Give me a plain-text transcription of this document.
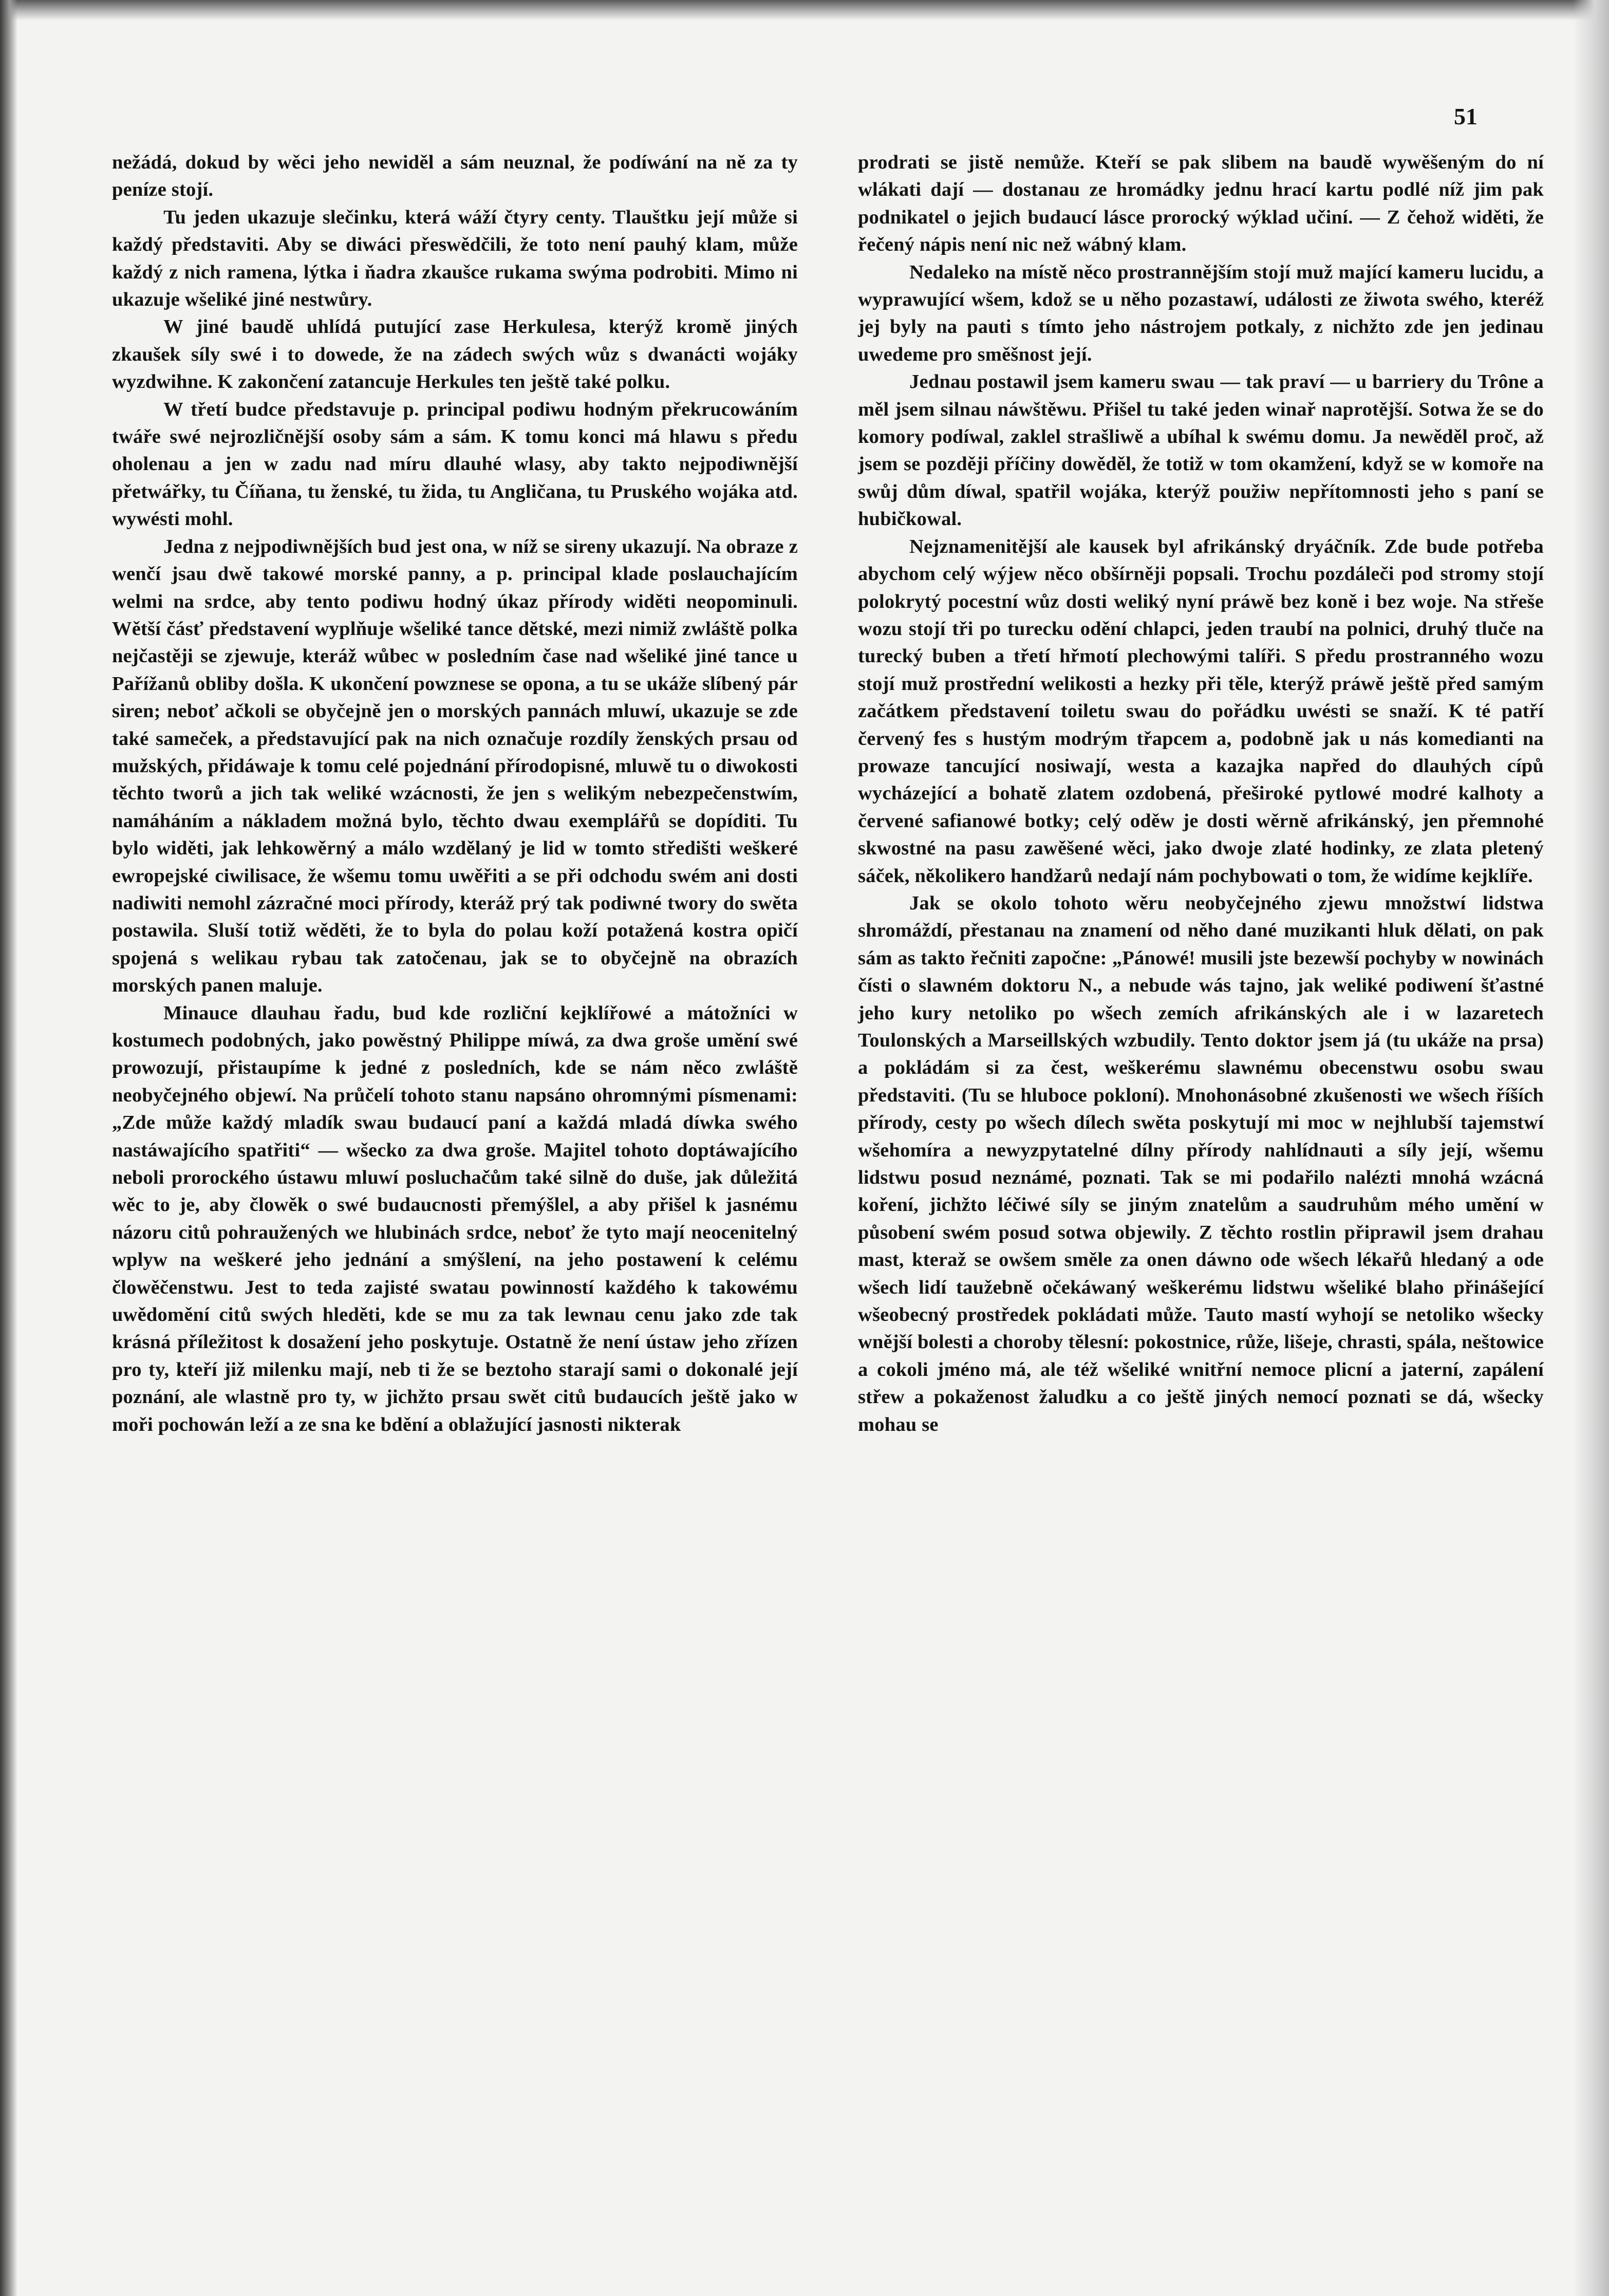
51

nežádá, dokud by wěci jeho newiděl a sám neuznal, že podíwání na ně za ty peníze stojí.

Tu jeden ukazuje slečinku, která wáží čtyry centy. Tlauštku její může si každý představiti. Aby se diwáci přeswědčili, že toto není pauhý klam, může každý z nich ramena, lýtka i ňadra zkaušce rukama swýma podrobiti. Mimo ni ukazuje wšeliké jiné nestwůry.

W jiné baudě uhlídá putující zase Herkulesa, kterýž kromě jiných zkaušek síly swé i to dowede, že na zádech swých wůz s dwanácti wojáky wyzdwihne. K zakončení zatancuje Herkules ten ještě také polku.

W třetí budce představuje p. principal podiwu hodným překrucowáním twáře swé nejrozličnější osoby sám a sám. K tomu konci má hlawu s předu oholenau a jen w zadu nad míru dlauhé wlasy, aby takto nejpodiwnější přetwářky, tu Číňana, tu ženské, tu žida, tu Angličana, tu Pruského wojáka atd. wywésti mohl.

Jedna z nejpodiwnějších bud jest ona, w níž se sireny ukazují. Na obraze z wenčí jsau dwě takowé morské panny, a p. principal klade poslauchajícím welmi na srdce, aby tento podiwu hodný úkaz přírody widěti neopominuli. Wětší čásť představení wyplňuje wšeliké tance dětské, mezi nimiž zwláště polka nejčastěji se zjewuje, kteráž wůbec w posledním čase nad wšeliké jiné tance u Pařížanů obliby došla. K ukončení powznese se opona, a tu se ukáže slíbený pár siren; neboť ačkoli se obyčejně jen o morských pannách mluwí, ukazuje se zde také sameček, a představující pak na nich označuje rozdíly ženských prsau od mužských, přidáwaje k tomu celé pojednání přírodopisné, mluwě tu o diwokosti těchto tworů a jich tak weliké wzácnosti, že jen s welikým nebezpečenstwím, namáháním a nákladem možná bylo, těchto dwau exemplářů se dopíditi. Tu bylo widěti, jak lehkowěrný a málo wzdělaný je lid w tomto středišti weškeré ewropejské ciwilisace, že wšemu tomu uwěřiti a se při odchodu swém ani dosti nadiwiti nemohl zázračné moci přírody, kteráž prý tak podiwné twory do swěta postawila. Sluší totiž wěděti, že to byla do polau koží potažená kostra opičí spojená s welikau rybau tak zatočenau, jak se to obyčejně na obrazích morských panen maluje.

Minauce dlauhau řadu, bud kde rozliční kejklířowé a mátožníci w kostumech podobných, jako powěstný Philippe míwá, za dwa groše umění swé prowozují, přistaupíme k jedné z posledních, kde se nám něco zwláště neobyčejného objewí. Na průčelí tohoto stanu napsáno ohromnými písmenami: „Zde může každý mladík swau budaucí paní a každá mladá díwka swého nastáwajícího spatřiti“ — wšecko za dwa groše. Majitel tohoto doptáwajícího neboli prorockého ústawu mluwí posluchačům také silně do duše, jak důležitá wěc to je, aby člowěk o swé budaucnosti přemýšlel, a aby přišel k jasnému názoru citů pohraužených we hlubinách srdce, neboť že tyto mají neocenitelný wplyw na weškeré jeho jednání a smýšlení, na jeho postawení k celému člowěčenstwu. Jest to teda zajisté swatau powinností každého k takowému uwědomění citů swých hleděti, kde se mu za tak lewnau cenu jako zde tak krásná příležitost k dosažení jeho poskytuje. Ostatně že není ústaw jeho zřízen pro ty, kteří již milenku mají, neb ti že se beztoho starají sami o dokonalé její poznání, ale wlastně pro ty, w jichžto prsau swět citů budaucích ještě jako w moři pochowán leží a ze sna ke bdění a oblažující jasnosti nikterak

prodrati se jistě nemůže. Kteří se pak slibem na baudě wywěšeným do ní wlákati dají — dostanau ze hromádky jednu hrací kartu podlé níž jim pak podnikatel o jejich budaucí lásce prorocký wýklad učiní. — Z čehož widěti, že řečený nápis není nic než wábný klam.

Nedaleko na místě něco prostrannějším stojí muž mající kameru lucidu, a wyprawující wšem, kdož se u něho pozastawí, události ze žiwota swého, kteréž jej byly na pauti s tímto jeho nástrojem potkaly, z nichžto zde jen jedinau uwedeme pro směšnost její.

Jednau postawil jsem kameru swau — tak praví — u barriery du Trône a měl jsem silnau náwštěwu. Přišel tu také jeden winař naprotější. Sotwa že se do komory podíwal, zaklel strašliwě a ubíhal k swému domu. Ja newěděl proč, až jsem se později příčiny dowěděl, že totiž w tom okamžení, když se w komoře na swůj dům díwal, spatřil wojáka, kterýž použiw nepřítomnosti jeho s paní se hubičkowal.

Nejznamenitější ale kausek byl afrikánský dryáčník. Zde bude potřeba abychom celý wýjew něco obšírněji popsali. Trochu pozdáleči pod stromy stojí polokrytý pocestní wůz dosti weliký nyní práwě bez koně i bez woje. Na střeše wozu stojí tři po turecku odění chlapci, jeden traubí na polnici, druhý tluče na turecký buben a třetí hřmotí plechowými talíři. S předu prostranného wozu stojí muž prostřední welikosti a hezky při těle, kterýž práwě ještě před samým začátkem představení toiletu swau do pořádku uwésti se snaží. K té patří červený fes s hustým modrým třapcem a, podobně jak u nás komedianti na prowaze tancující nosiwají, westa a kazajka napřed do dlauhých cípů wycházející a bohatě zlatem ozdobená, přeširoké pytlowé modré kalhoty a červené safianowé botky; celý oděw je dosti wěrně afrikánský, jen přemnohé skwostné na pasu zawěšené wěci, jako dwoje zlaté hodinky, ze zlata pletený sáček, několikero handžarů nedají nám pochybowati o tom, že widíme kejklíře.

Jak se okolo tohoto wěru neobyčejného zjewu množstwí lidstwa shromáždí, přestanau na znamení od něho dané muzikanti hluk dělati, on pak sám as takto řečniti započne: „Pánowé! musili jste bezewší pochyby w nowinách čísti o slawném doktoru N., a nebude wás tajno, jak weliké podiwení šťastné jeho kury netoliko po wšech zemích afrikánských ale i w lazaretech Toulonských a Marseillských wzbudily. Tento doktor jsem já (tu ukáže na prsa) a pokládám si za čest, weškerému slawnému obecenstwu osobu swau představiti. (Tu se hluboce pokloní). Mnohonásobné zkušenosti we wšech říších přírody, cesty po wšech dílech swěta poskytují mi moc w nejhlubší tajemstwí wšehomíra a newyzpytatelné dílny přírody nahlídnauti a síly její, wšemu lidstwu posud neznámé, poznati. Tak se mi podařilo nalézti mnohá wzácná koření, jichžto léčiwé síly se jiným znatelům a saudruhům mého umění w působení swém posud sotwa objewily. Z těchto rostlin připrawil jsem drahau mast, kteraž se owšem směle za onen dáwno ode wšech lékařů hledaný a ode wšech lidí taužebně očekáwaný weškerému lidstwu wšeliké blaho přinášející wšeobecný prostředek pokládati může. Tauto mastí wyhojí se netoliko wšecky wnější bolesti a choroby tělesní: pokostnice, růže, lišeje, chrasti, spála, neštowice a cokoli jméno má, ale též wšeliké wnitřní nemoce plicní a jaterní, zapálení střew a pokaženost žaludku a co ještě jiných nemocí poznati se dá, wšecky mohau se
